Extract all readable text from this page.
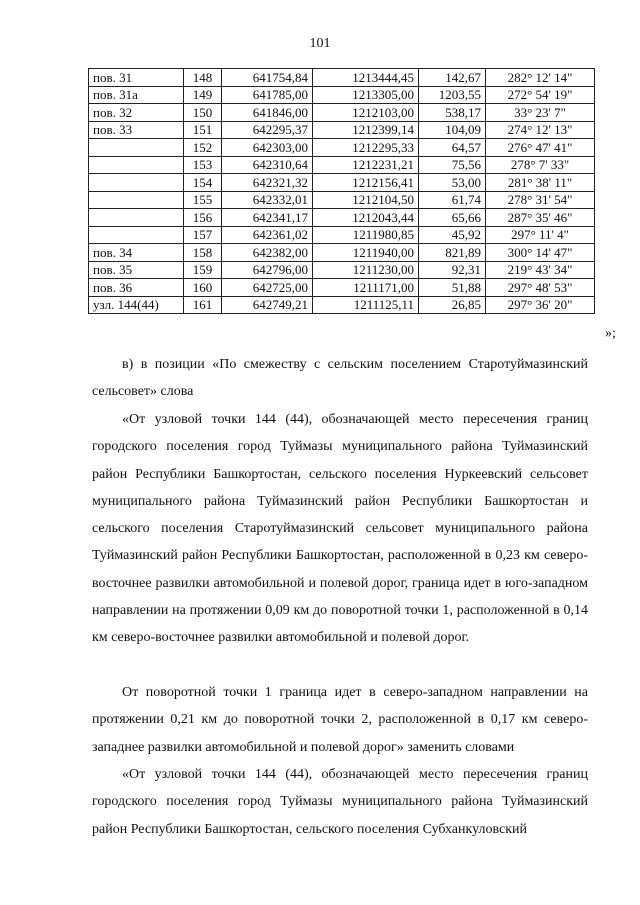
101
пов. 31	148	641754,84	1213444,45	142,67	282° 12' 14"
пов. 31а	149	641785,00	1213305,00	1203,55	272° 54' 19"
пов. 32	150	641846,00	1212103,00	538,17	33° 23' 7"
пов. 33	151	642295,37	1212399,14	104,09	274° 12' 13"
	152	642303,00	1212295,33	64,57	276° 47' 41"
	153	642310,64	1212231,21	75,56	278° 7' 33"
	154	642321,32	1212156,41	53,00	281° 38' 11"
	155	642332,01	1212104,50	61,74	278° 31' 54"
	156	642341,17	1212043,44	65,66	287° 35' 46"
	157	642361,02	1211980,85	45,92	297° 11' 4"
пов. 34	158	642382,00	1211940,00	821,89	300° 14' 47"
пов. 35	159	642796,00	1211230,00	92,31	219° 43' 34"
пов. 36	160	642725,00	1211171,00	51,88	297° 48' 53"
узл. 144(44)	161	642749,21	1211125,11	26,85	297° 36' 20"
»;

в) в позиции «По смежеству с сельским поселением Старотуймазинский сельсовет» слова

«От узловой точки 144 (44), обозначающей место пересечения границ городского поселения город Туймазы муниципального района Туймазинский район Республики Башкортостан, сельского поселения Нуркеевский сельсовет муниципального района Туймазинский район Республики Башкортостан и сельского поселения Старотуймазинский сельсовет муниципального района Туймазинский район Республики Башкортостан, расположенной в 0,23 км северо-восточнее развилки автомобильной и полевой дорог, граница идет в юго-западном направлении на протяжении 0,09 км до поворотной точки 1, расположенной в 0,14 км северо-восточнее развилки автомобильной и полевой дорог.

От поворотной точки 1 граница идет в северо-западном направлении на протяжении 0,21 км до поворотной точки 2, расположенной в 0,17 км северо-западнее развилки автомобильной и полевой дорог» заменить словами

«От узловой точки 144 (44), обозначающей место пересечения границ городского поселения город Туймазы муниципального района Туймазинский район Республики Башкортостан, сельского поселения Субханкуловский
